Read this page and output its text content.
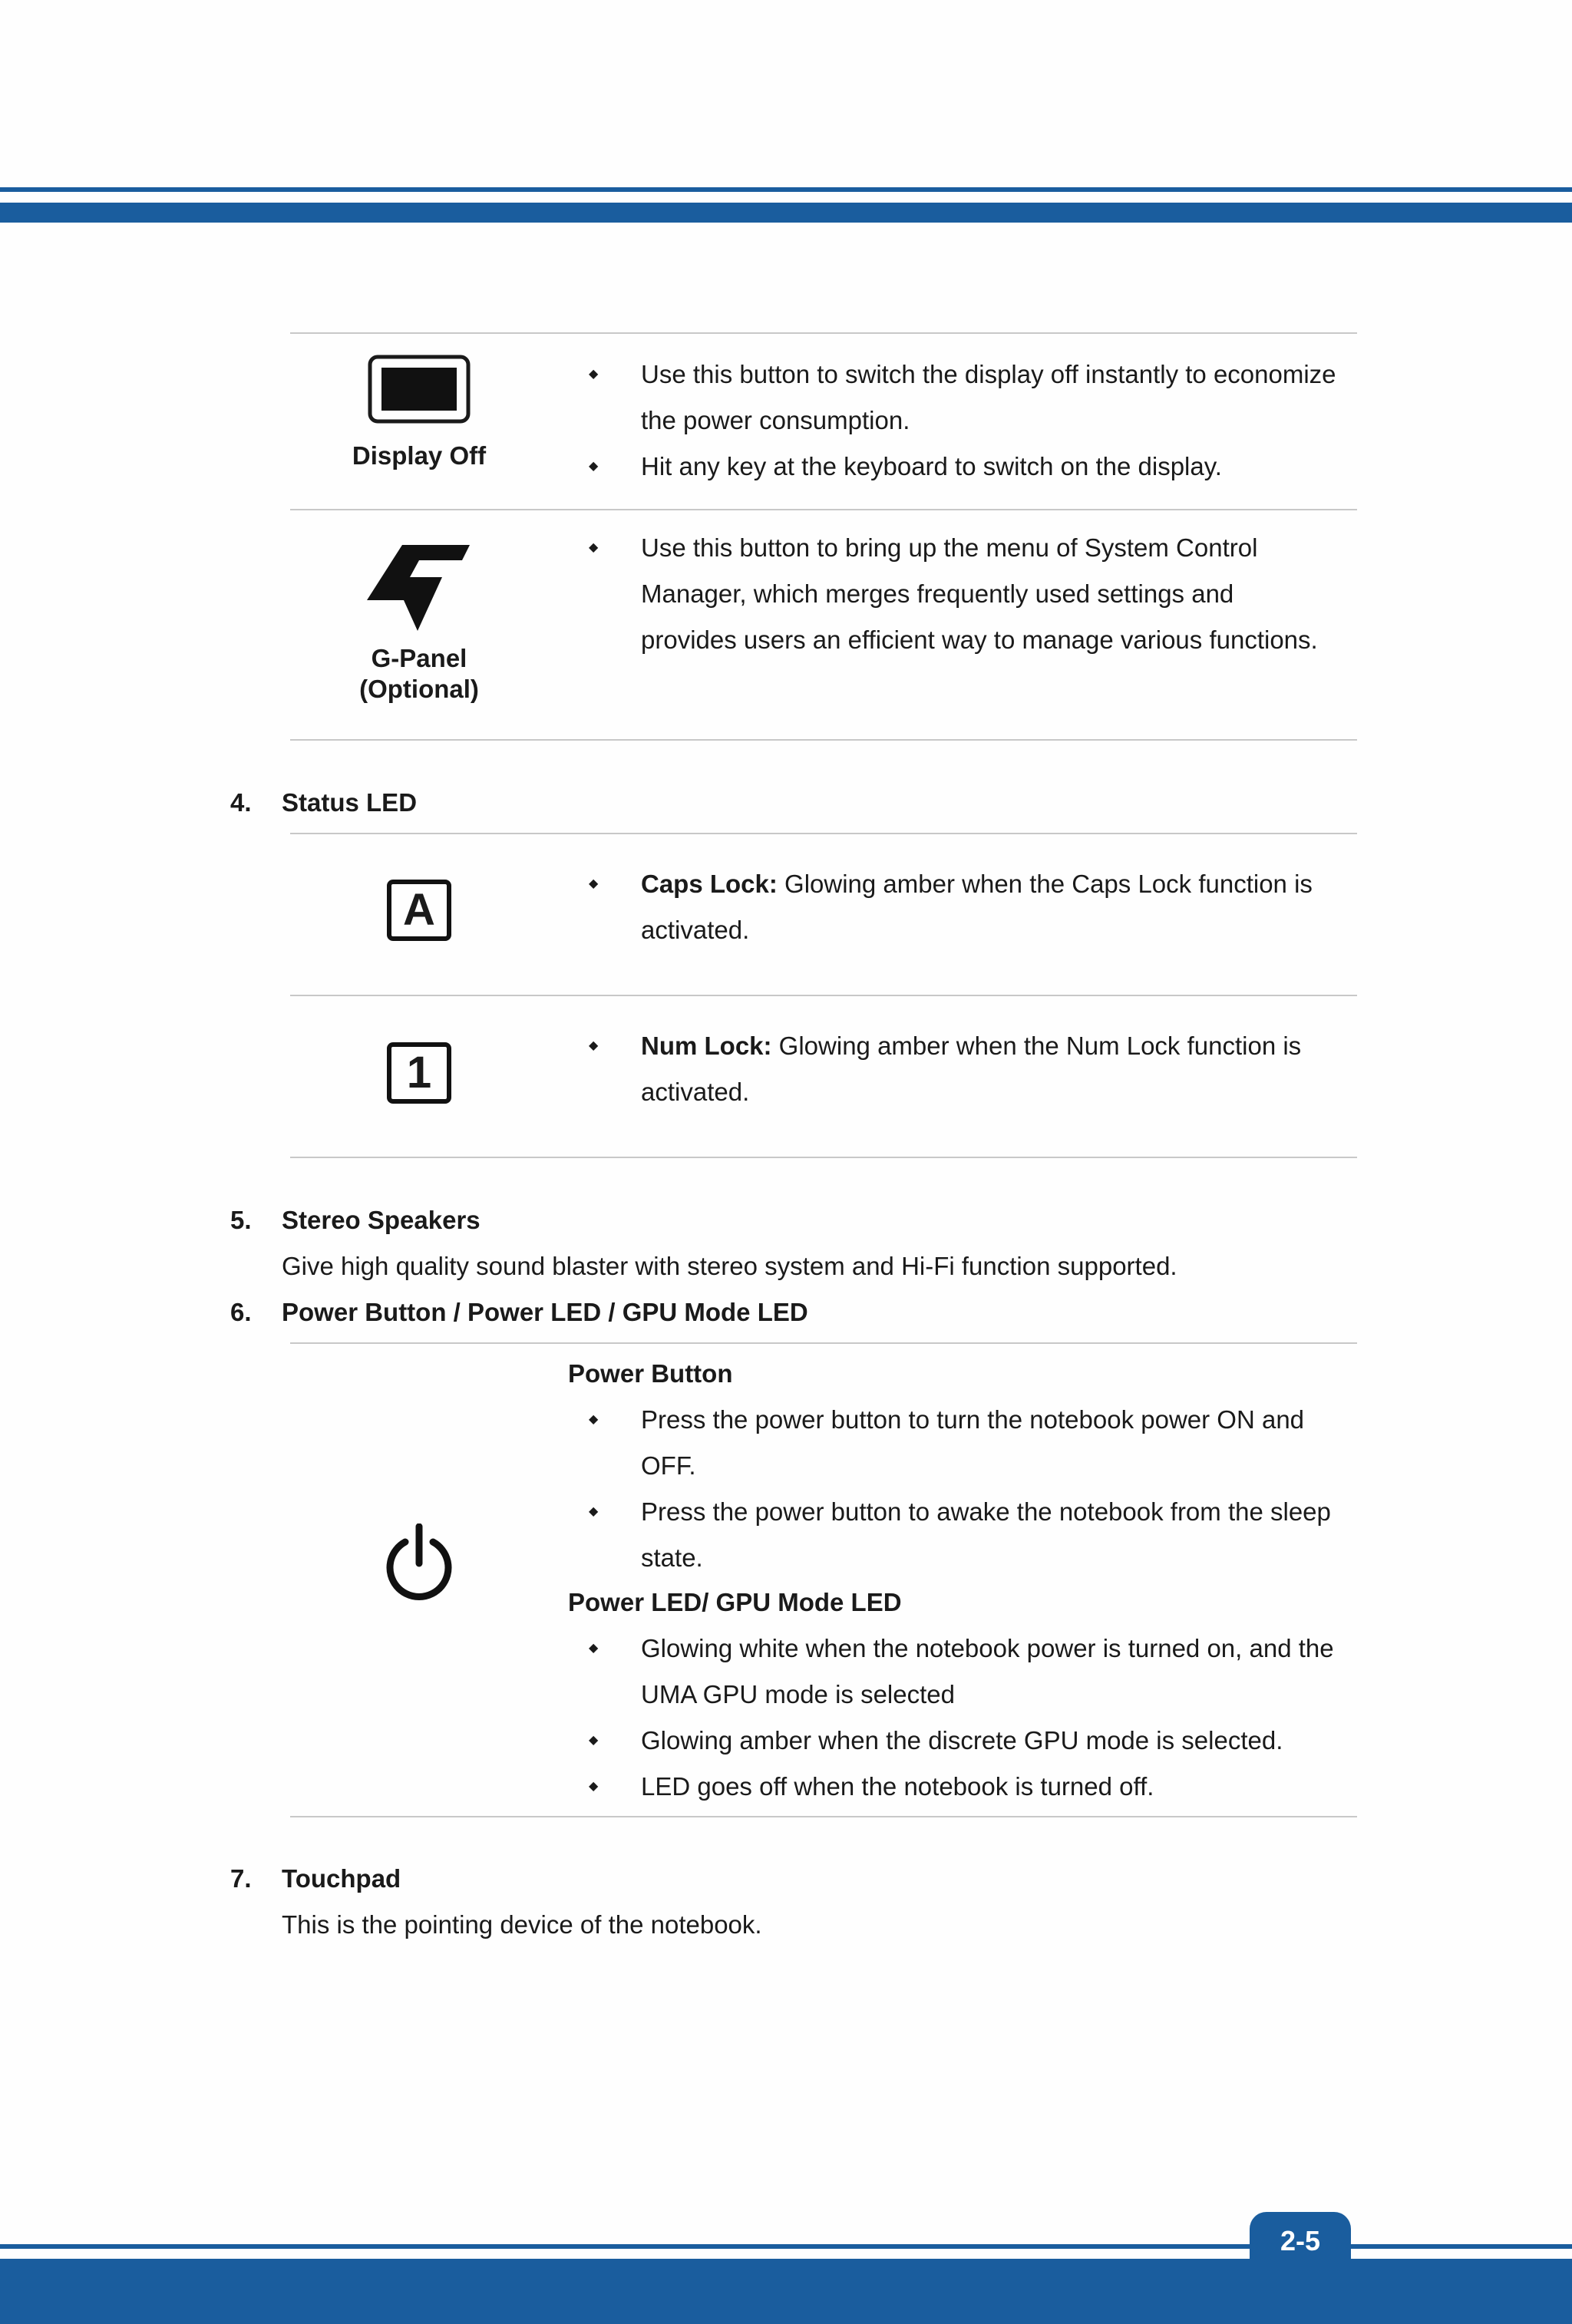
2-5
Display Off
◆ Use this button to switch the display off instantly to economize the power consumption.
◆ Hit any key at the keyboard to switch on the display.
G-Panel
(Optional)
◆ Use this button to bring up the menu of System Control Manager, which merges frequently used settings and provides users an efficient way to manage various functions.
4. Status LED
A
◆ Caps Lock: Glowing amber when the Caps Lock function is activated.
1
◆ Num Lock: Glowing amber when the Num Lock function is activated.
5. Stereo Speakers
Give high quality sound blaster with stereo system and Hi-Fi function supported.
6. Power Button / Power LED / GPU Mode LED
Power Button
◆ Press the power button to turn the notebook power ON and OFF.
◆ Press the power button to awake the notebook from the sleep state.
Power LED/ GPU Mode LED
◆ Glowing white when the notebook power is turned on, and the UMA GPU mode is selected
◆ Glowing amber when the discrete GPU mode is selected.
◆ LED goes off when the notebook is turned off.
7. Touchpad
This is the pointing device of the notebook.
